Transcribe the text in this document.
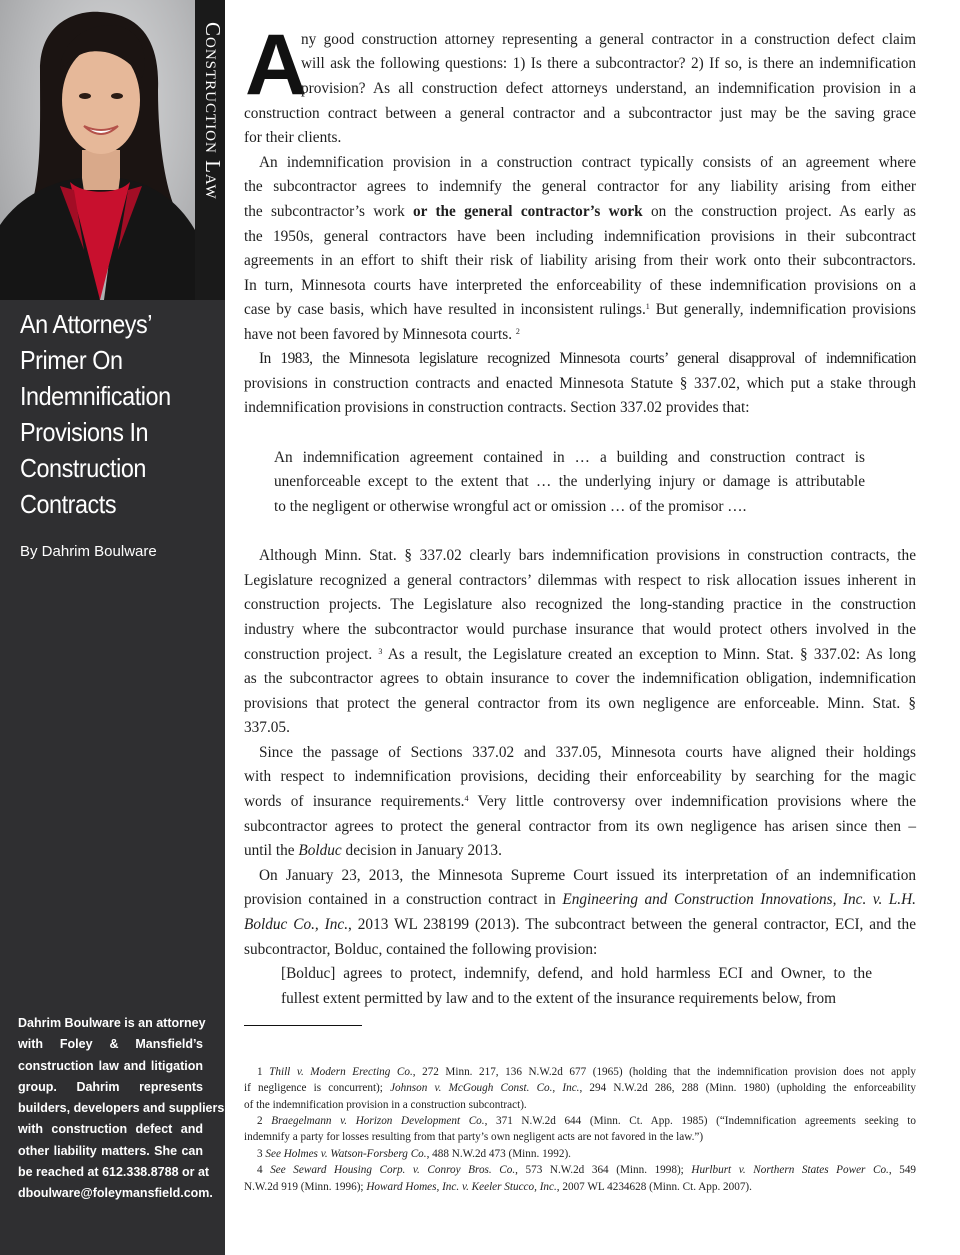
Construction Law
An Attorneys’
Primer On
Indemnification
Provisions In
Construction
Contracts
By Dahrim Boulware
Dahrim Boulware is an attorney
with Foley & Mansfield’s
construction law and litigation
group. Dahrim represents
builders, developers and suppliers
with construction defect and
other liability matters. She can
be reached at 612.338.8788 or at
dboulware@foleymansfield.com.
A
ny good construction attorney representing a general contractor in a construction defect claim
will ask the following questions: 1) Is there a subcontractor? 2) If so, is there an indemnification
provision? As all construction defect attorneys understand, an indemnification provision in a
construction contract between a general contractor and a subcontractor just may be the saving grace
for their clients.
An indemnification provision in a construction contract typically consists of an agreement where
the subcontractor agrees to indemnify the general contractor for any liability arising from either
the subcontractor’s work or the general contractor’s work on the construction project. As early as
the 1950s, general contractors have been including indemnification provisions in their subcontract
agreements in an effort to shift their risk of liability arising from their work onto their subcontractors.
In turn, Minnesota courts have interpreted the enforceability of these indemnification provisions on a
case by case basis, which have resulted in inconsistent rulings.$^1$ But generally, indemnification provisions
have not been favored by Minnesota courts. $^2$
In 1983, the Minnesota legislature recognized Minnesota courts’ general disapproval of indemnification
provisions in construction contracts and enacted Minnesota Statute § 337.02, which put a stake through
indemnification provisions in construction contracts. Section 337.02 provides that:
An indemnification agreement contained in … a building and construction contract is
unenforceable except to the extent that … the underlying injury or damage is attributable
to the negligent or otherwise wrongful act or omission … of the promisor ….
Although Minn. Stat. § 337.02 clearly bars indemnification provisions in construction contracts, the
Legislature recognized a general contractors’ dilemmas with respect to risk allocation issues inherent in
construction projects. The Legislature also recognized the long-standing practice in the construction
industry where the subcontractor would purchase insurance that would protect others involved in the
construction project. $^3$ As a result, the Legislature created an exception to Minn. Stat. § 337.02: As long
as the subcontractor agrees to obtain insurance to cover the indemnification obligation, indemnification
provisions that protect the general contractor from its own negligence are enforceable. Minn. Stat. §
337.05.
Since the passage of Sections 337.02 and 337.05, Minnesota courts have aligned their holdings
with respect to indemnification provisions, deciding their enforceability by searching for the magic
words of insurance requirements.$^4$ Very little controversy over indemnification provisions where the
subcontractor agrees to protect the general contractor from its own negligence has arisen since then –
until the Bolduc decision in January 2013.
On January 23, 2013, the Minnesota Supreme Court issued its interpretation of an indemnification
provision contained in a construction contract in Engineering and Construction Innovations, Inc. v. L.H.
Bolduc Co., Inc., 2013 WL 238199 (2013). The subcontract between the general contractor, ECI, and the
subcontractor, Bolduc, contained the following provision:
[Bolduc] agrees to protect, indemnify, defend, and hold harmless ECI and Owner, to the
fullest extent permitted by law and to the extent of the insurance requirements below, from
1 Thill v. Modern Erecting Co., 272 Minn. 217, 136 N.W.2d 677 (1965) (holding that the indemnification provision does not apply
if negligence is concurrent); Johnson v. McGough Const. Co., Inc., 294 N.W.2d 286, 288 (Minn. 1980) (upholding the enforceability
of the indemnification provision in a construction subcontract).
2 Braegelmann v. Horizon Development Co., 371 N.W.2d 644 (Minn. Ct. App. 1985) (“Indemnification agreements seeking to
indemnify a party for losses resulting from that party’s own negligent acts are not favored in the law.”)
3 See Holmes v. Watson-Forsberg Co., 488 N.W.2d 473 (Minn. 1992).
4 See Seward Housing Corp. v. Conroy Bros. Co., 573 N.W.2d 364 (Minn. 1998); Hurlburt v. Northern States Power Co., 549
N.W.2d 919 (Minn. 1996); Howard Homes, Inc. v. Keeler Stucco, Inc., 2007 WL 4234628 (Minn. Ct. App. 2007).
